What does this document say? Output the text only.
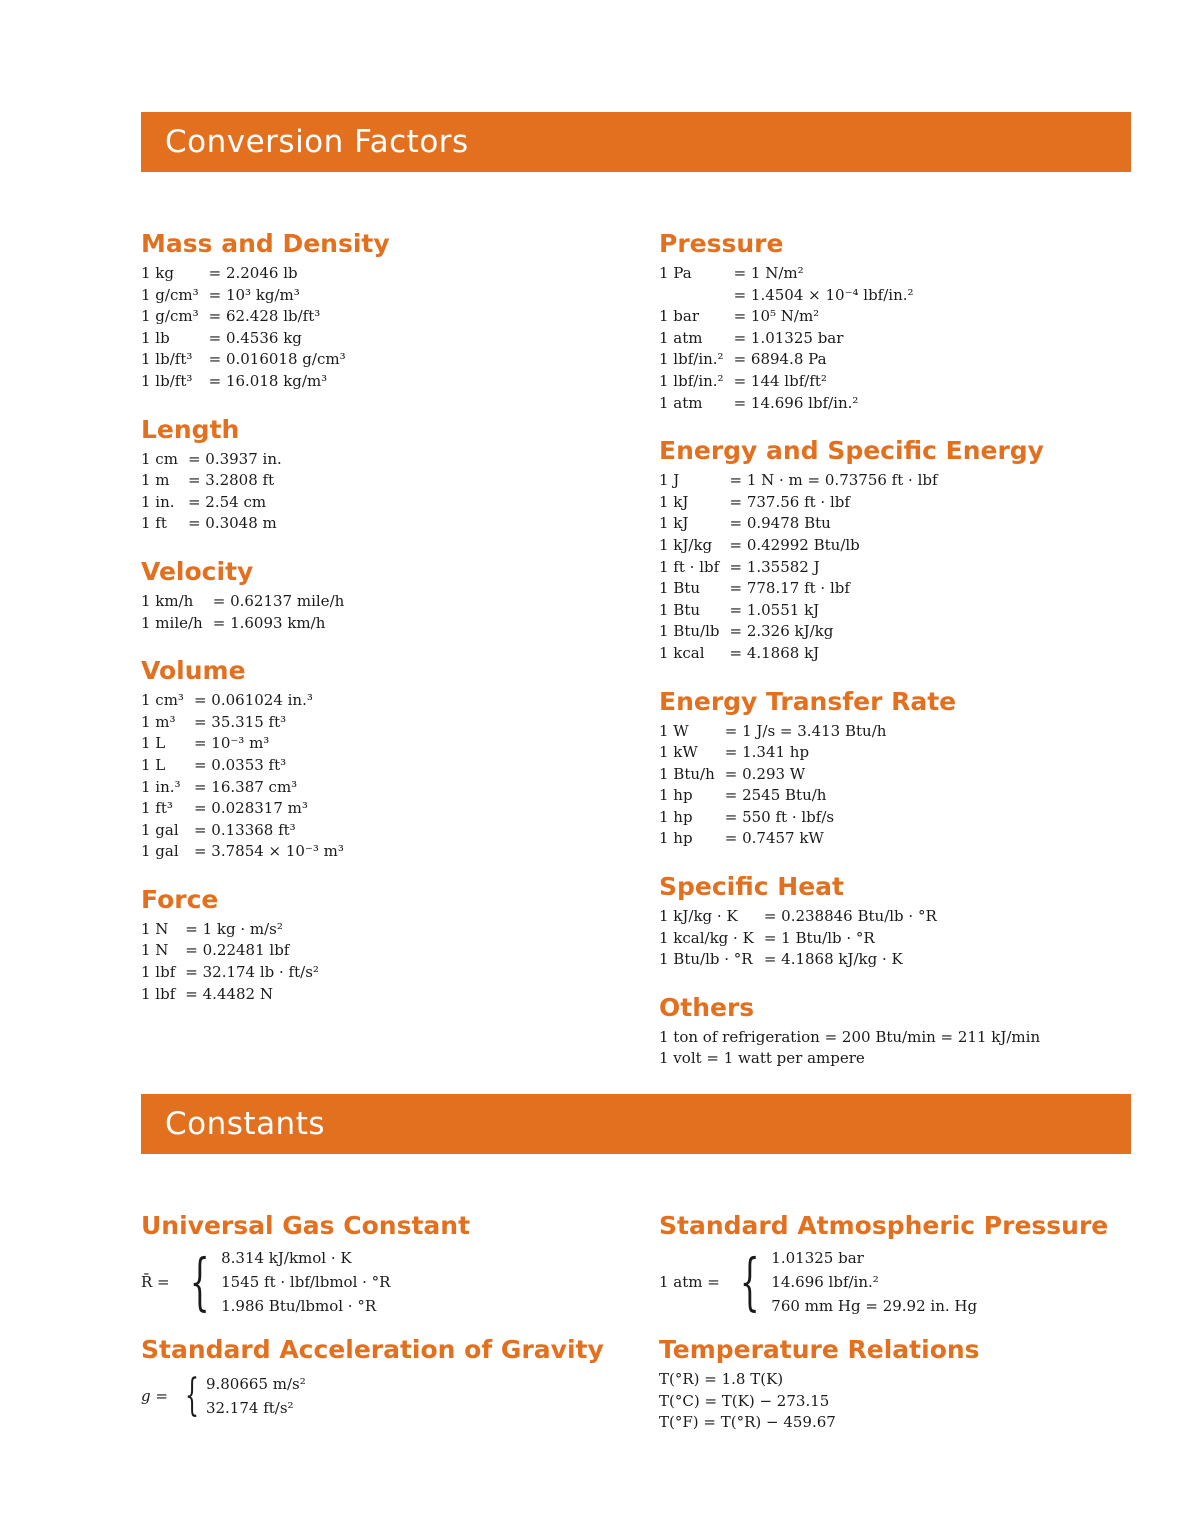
Conversion Factors
Mass and Density
1 kg	= 2.2046 lb
1 g/cm³	= 10³ kg/m³
1 g/cm³	= 62.428 lb/ft³
1 lb	= 0.4536 kg
1 lb/ft³	= 0.016018 g/cm³
1 lb/ft³	= 16.018 kg/m³
Length
1 cm	= 0.3937 in.
1 m	= 3.2808 ft
1 in.	= 2.54 cm
1 ft	= 0.3048 m
Velocity
1 km/h	= 0.62137 mile/h
1 mile/h	= 1.6093 km/h
Volume
1 cm³	= 0.061024 in.³
1 m³	= 35.315 ft³
1 L	= 10⁻³ m³
1 L	= 0.0353 ft³
1 in.³	= 16.387 cm³
1 ft³	= 0.028317 m³
1 gal	= 0.13368 ft³
1 gal	= 3.7854 × 10⁻³ m³
Force
1 N	= 1 kg · m/s²
1 N	= 0.22481 lbf
1 lbf	= 32.174 lb · ft/s²
1 lbf	= 4.4482 N
Pressure
1 Pa	= 1 N/m²
	= 1.4504 × 10⁻⁴ lbf/in.²
1 bar	= 10⁵ N/m²
1 atm	= 1.01325 bar
1 lbf/in.²	= 6894.8 Pa
1 lbf/in.²	= 144 lbf/ft²
1 atm	= 14.696 lbf/in.²
Energy and Specific Energy
1 J	= 1 N · m = 0.73756 ft · lbf
1 kJ	= 737.56 ft · lbf
1 kJ	= 0.9478 Btu
1 kJ/kg	= 0.42992 Btu/lb
1 ft · lbf	= 1.35582 J
1 Btu	= 778.17 ft · lbf
1 Btu	= 1.0551 kJ
1 Btu/lb	= 2.326 kJ/kg
1 kcal	= 4.1868 kJ
Energy Transfer Rate
1 W	= 1 J/s = 3.413 Btu/h
1 kW	= 1.341 hp
1 Btu/h	= 0.293 W
1 hp	= 2545 Btu/h
1 hp	= 550 ft · lbf/s
1 hp	= 0.7457 kW
Specific Heat
1 kJ/kg · K	= 0.238846 Btu/lb · °R
1 kcal/kg · K	= 1 Btu/lb · °R
1 Btu/lb · °R	= 4.1868 kJ/kg · K
Others
1 ton of refrigeration = 200 Btu/min = 211 kJ/min
1 volt = 1 watt per ampere
Constants
Universal Gas Constant
R̄ = { 8.314 kJ/kmol · K
1545 ft · lbf/lbmol · °R
1.986 Btu/lbmol · °R
Standard Acceleration of Gravity
g = { 9.80665 m/s²
32.174 ft/s²
Standard Atmospheric Pressure
1 atm = { 1.01325 bar
14.696 lbf/in.²
760 mm Hg = 29.92 in. Hg
Temperature Relations
T(°R) = 1.8 T(K)
T(°C) = T(K) − 273.15
T(°F) = T(°R) − 459.67
